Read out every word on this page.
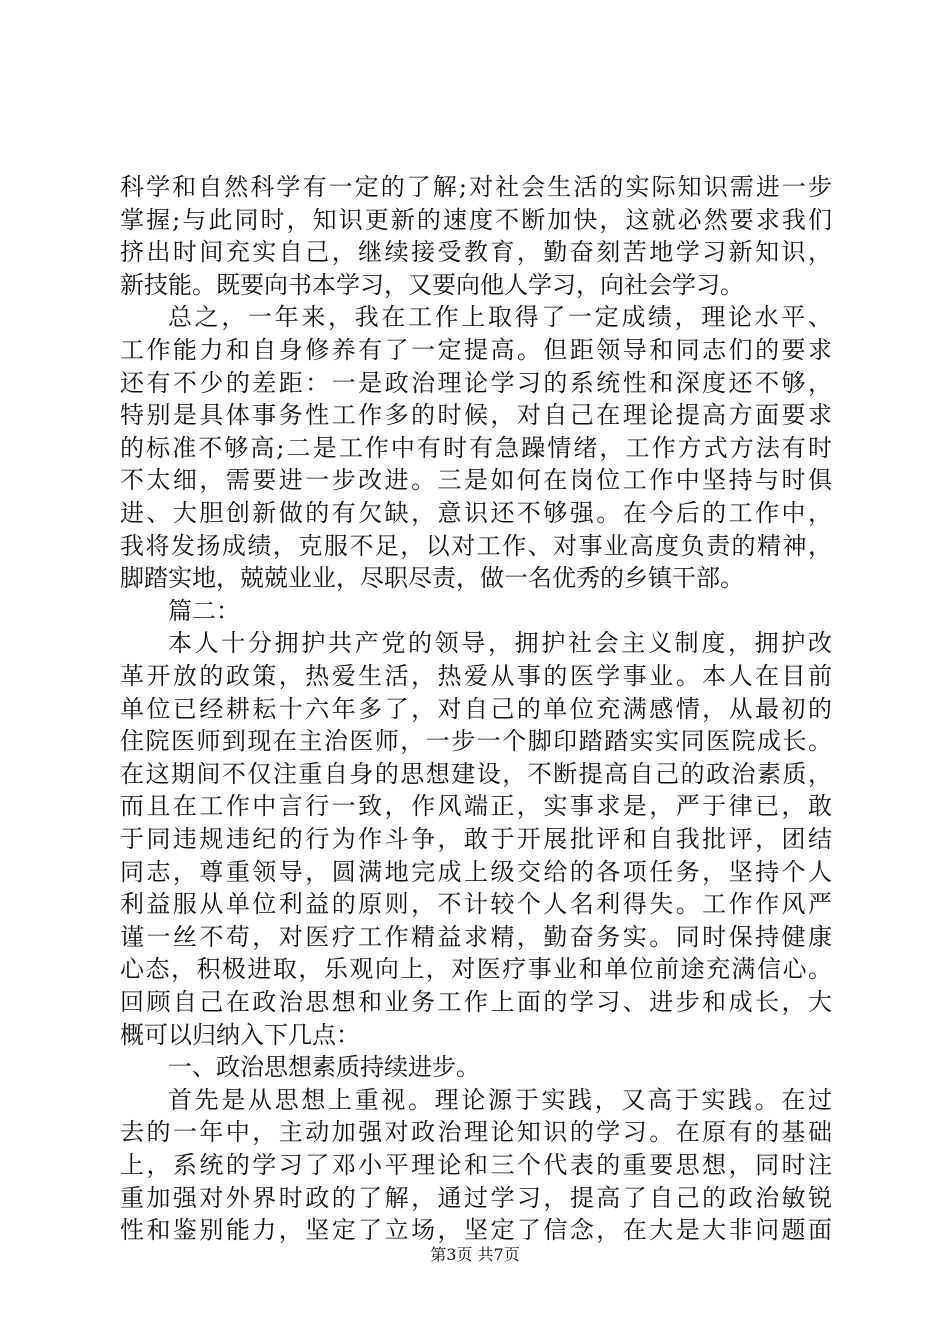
科学和自然科学有一定的了解;对社会生活的实际知识需进一步
掌握;与此同时，知识更新的速度不断加快，这就必然要求我们
挤出时间充实自己，继续接受教育，勤奋刻苦地学习新知识，
新技能。既要向书本学习，又要向他人学习，向社会学习。
总之，一年来，我在工作上取得了一定成绩，理论水平、
工作能力和自身修养有了一定提高。但距领导和同志们的要求
还有不少的差距：一是政治理论学习的系统性和深度还不够，
特别是具体事务性工作多的时候，对自己在理论提高方面要求
的标准不够高;二是工作中有时有急躁情绪，工作方式方法有时
不太细，需要进一步改进。三是如何在岗位工作中坚持与时俱
进、大胆创新做的有欠缺，意识还不够强。在今后的工作中，
我将发扬成绩，克服不足，以对工作、对事业高度负责的精神，
脚踏实地，兢兢业业，尽职尽责，做一名优秀的乡镇干部。
篇二：
本人十分拥护共产党的领导，拥护社会主义制度，拥护改
革开放的政策，热爱生活，热爱从事的医学事业。本人在目前
单位已经耕耘十六年多了，对自己的单位充满感情，从最初的
住院医师到现在主治医师，一步一个脚印踏踏实实同医院成长。
在这期间不仅注重自身的思想建设，不断提高自己的政治素质，
而且在工作中言行一致，作风端正，实事求是，严于律已，敢
于同违规违纪的行为作斗争，敢于开展批评和自我批评，团结
同志，尊重领导，圆满地完成上级交给的各项任务，坚持个人
利益服从单位利益的原则，不计较个人名利得失。工作作风严
谨一丝不苟，对医疗工作精益求精，勤奋务实。同时保持健康
心态，积极进取，乐观向上，对医疗事业和单位前途充满信心。
回顾自己在政治思想和业务工作上面的学习、进步和成长，大
概可以归纳入下几点：
一、政治思想素质持续进步。
首先是从思想上重视。理论源于实践，又高于实践。在过
去的一年中，主动加强对政治理论知识的学习。在原有的基础
上，系统的学习了邓小平理论和三个代表的重要思想，同时注
重加强对外界时政的了解，通过学习，提高了自己的政治敏锐
性和鉴别能力，坚定了立场，坚定了信念，在大是大非问题面
第3页 共7页
